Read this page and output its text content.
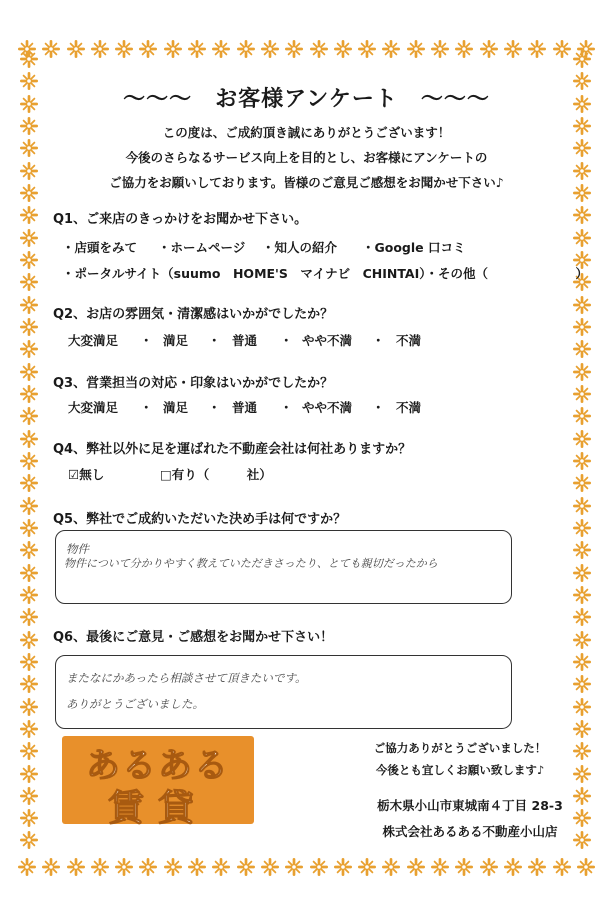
～～～　お客様アンケート　～～～
この度は、ご成約頂き誠にありがとうございます！
今後のさらなるサービス向上を目的とし、お客様にアンケートの
ご協力をお願いしております。皆様のご意見ご感想をお聞かせ下さい♪
Q1、ご来店のきっかけをお聞かせ下さい。
・店頭をみて ・ホームページ ・知人の紹介 ・Google 口コミ
・ポータルサイト（suumo　HOME'S　マイナビ　CHINTAI）・その他（　　　　　　　）
Q2、お店の雰囲気・清潔感はいかがでしたか？
大変満足 ・ 満足 ・ 普通 ・ やや不満 ・ 不満
Q3、営業担当の対応・印象はいかがでしたか？
大変満足 ・ 満足 ・ 普通 ・ やや不満 ・ 不満
Q4、弊社以外に足を運ばれた不動産会社は何社ありますか？
☑無し	□有り（　　　社）
Q5、弊社でご成約いただいた決め手は何ですか？
物件
物件について分かりやすく教えていただきさったり、とても親切だったから
Q6、最後にご意見・ご感想をお聞かせ下さい！
またなにかあったら相談させて頂きたいです。
ありがとうございました。
あるある
賃貸
ご協力ありがとうございました！
今後とも宜しくお願い致します♪
栃木県小山市東城南４丁目 28-3
株式会社あるある不動産小山店
